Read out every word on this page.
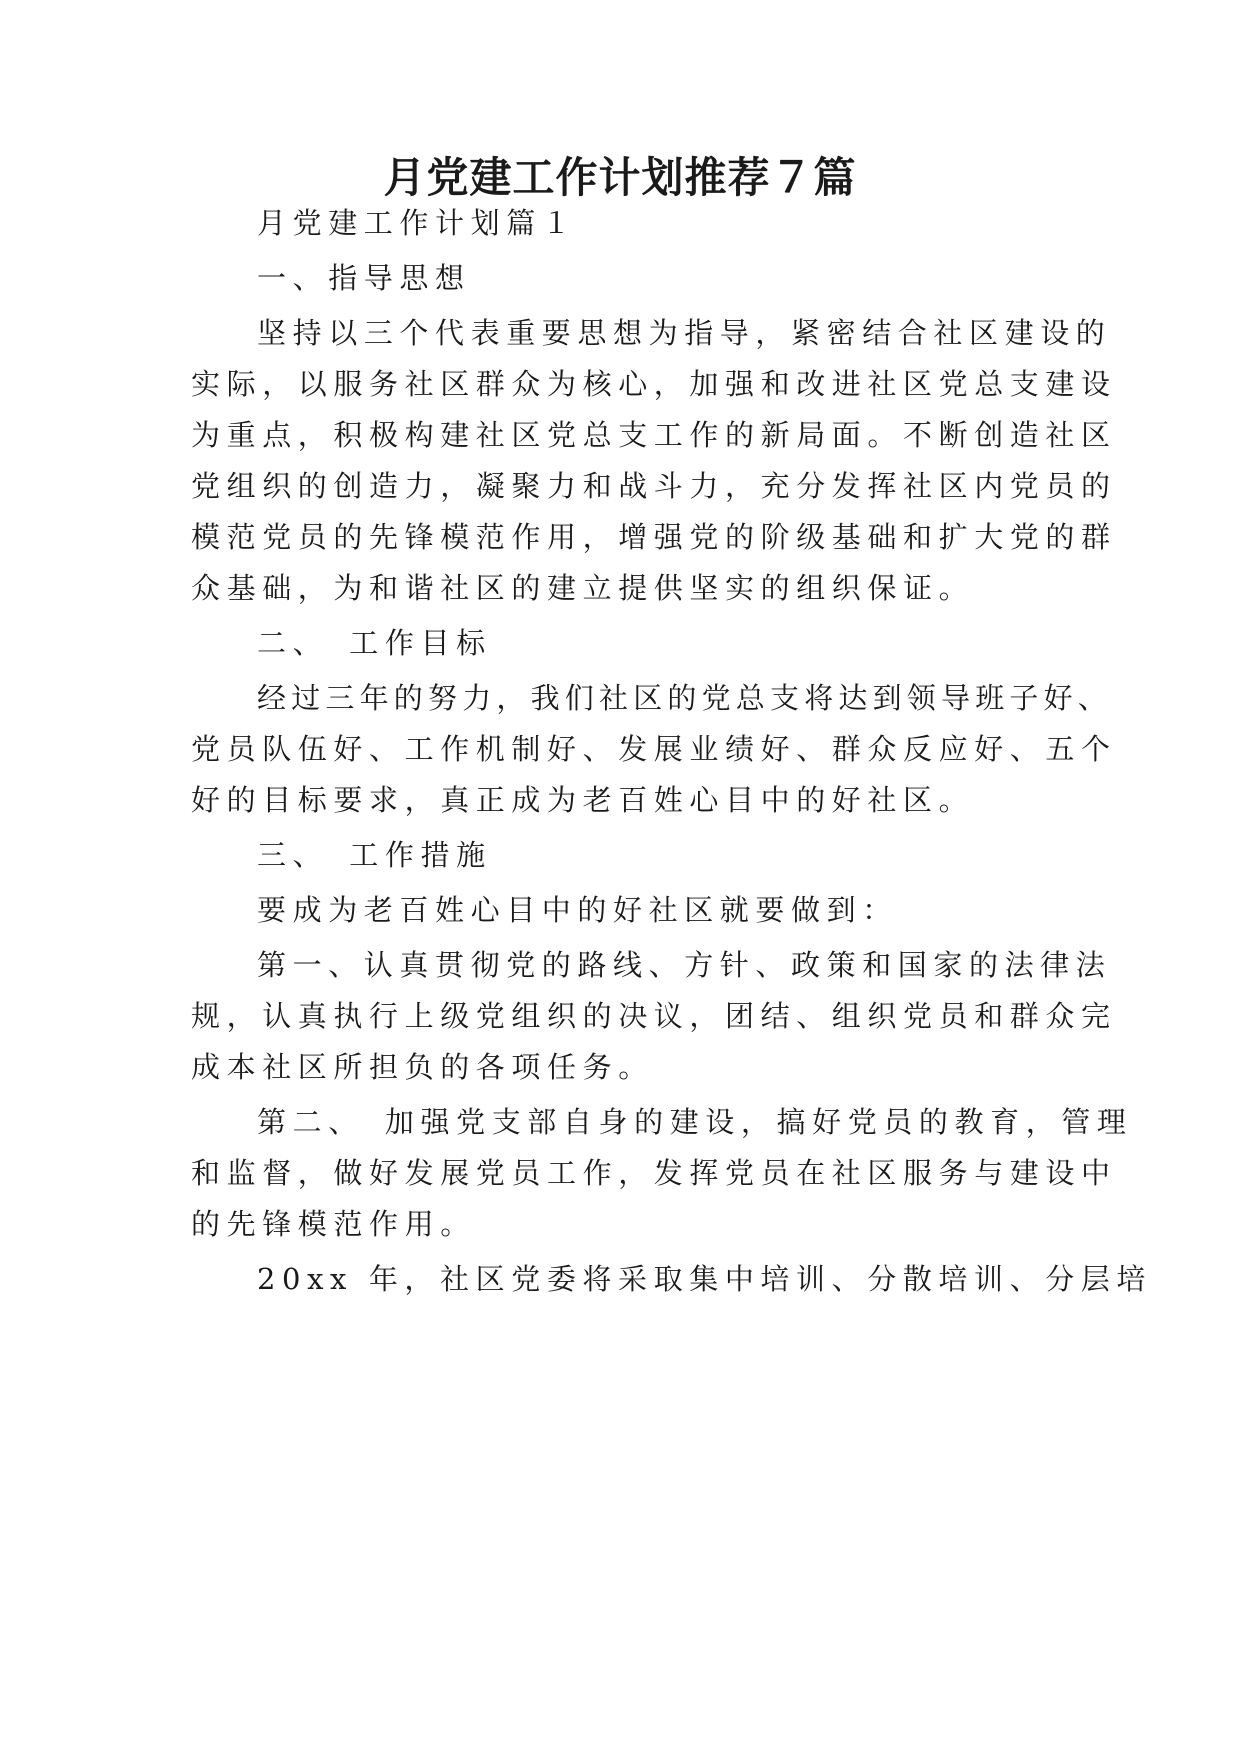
月党建工作计划推荐７篇

月党建工作计划篇１

一、指导思想

坚持以三个代表重要思想为指导，紧密结合社区建设的

实际，以服务社区群众为核心，加强和改进社区党总支建设

为重点，积极构建社区党总支工作的新局面。不断创造社区

党组织的创造力，凝聚力和战斗力，充分发挥社区内党员的

模范党员的先锋模范作用，增强党的阶级基础和扩大党的群

众基础，为和谐社区的建立提供坚实的组织保证。

二、　工作目标

经过三年的努力，我们社区的党总支将达到领导班子好、

党员队伍好、工作机制好、发展业绩好、群众反应好、五个

好的目标要求，真正成为老百姓心目中的好社区。

三、　工作措施

要成为老百姓心目中的好社区就要做到：

第一、认真贯彻党的路线、方针、政策和国家的法律法

规，认真执行上级党组织的决议，团结、组织党员和群众完

成本社区所担负的各项任务。

第二、　加强党支部自身的建设，搞好党员的教育，管理

和监督，做好发展党员工作，发挥党员在社区服务与建设中

的先锋模范作用。

20xx 年，社区党委将采取集中培训、分散培训、分层培
